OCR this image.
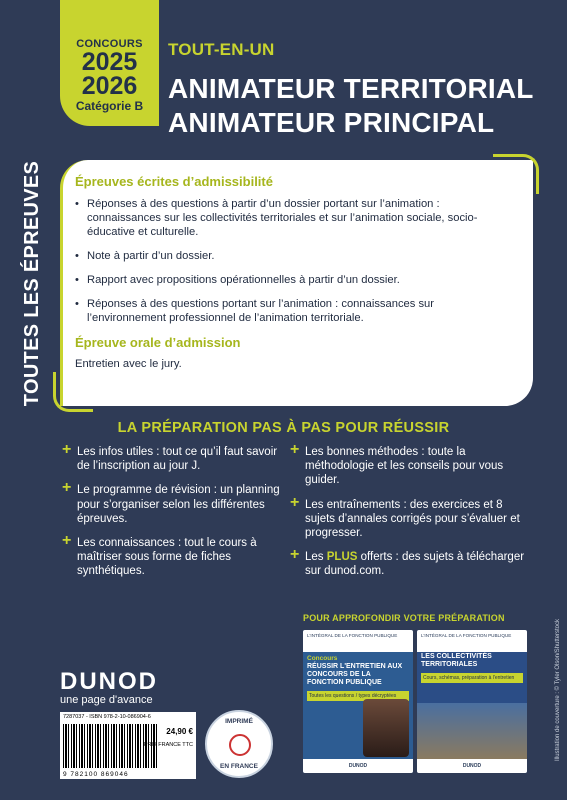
CONCOURS
2025
2026
Catégorie B
TOUT-EN-UN
ANIMATEUR TERRITORIAL
ANIMATEUR PRINCIPAL
TOUTES LES ÉPREUVES Épreuves écrites d’admissibilité
• Réponses à des questions à partir d’un dossier portant sur l’animation : connaissances sur les collectivités territoriales et sur l’animation sociale, socio-éducative et culturelle.
• Note à partir d’un dossier.
• Rapport avec propositions opérationnelles à partir d’un dossier.
• Réponses à des questions portant sur l’animation : connaissances sur l’environnement professionnel de l’animation territoriale.
Épreuve orale d’admission

Entretien avec le jury.

LA PRÉPARATION PAS À PAS POUR RÉUSSIR
+ Les infos utiles : tout ce qu’il faut savoir de l’inscription au jour J.
+ Le programme de révision : un planning pour s’organiser selon les différentes épreuves.
+ Les connaissances : tout le cours à maîtriser sous forme de fiches synthétiques.
+ Les bonnes méthodes : toute la méthodologie et les conseils pour vous guider.
+ Les entraînements : des exercices et 8 sujets d’annales corrigés pour s’évaluer et progresser.
+ Les PLUS offerts : des sujets à télécharger sur dunod.com.
POUR APPROFONDIR VOTRE PRÉPARATION
L'INTÉGRAL DE LA FONCTION PUBLIQUE
Concours
RÉUSSIR L'ENTRETIEN AUX CONCOURS DE LA FONCTION PUBLIQUE
Toutes les questions / types décryptées
DUNOD
L'INTÉGRAL DE LA FONCTION PUBLIQUE
LES COLLECTIVITÉS TERRITORIALES
Cours, schémas, préparation à l'entretien
DUNOD
DUNOD
une page d'avance
7287037 - ISBN 978-2-10-086904-6
9 782100 869046
24,90 €
PRIX FRANCE TTC
IMPRIMÉ
EN FRANCE
Illustration de couverture : © Tyler Olson/Shutterstock
